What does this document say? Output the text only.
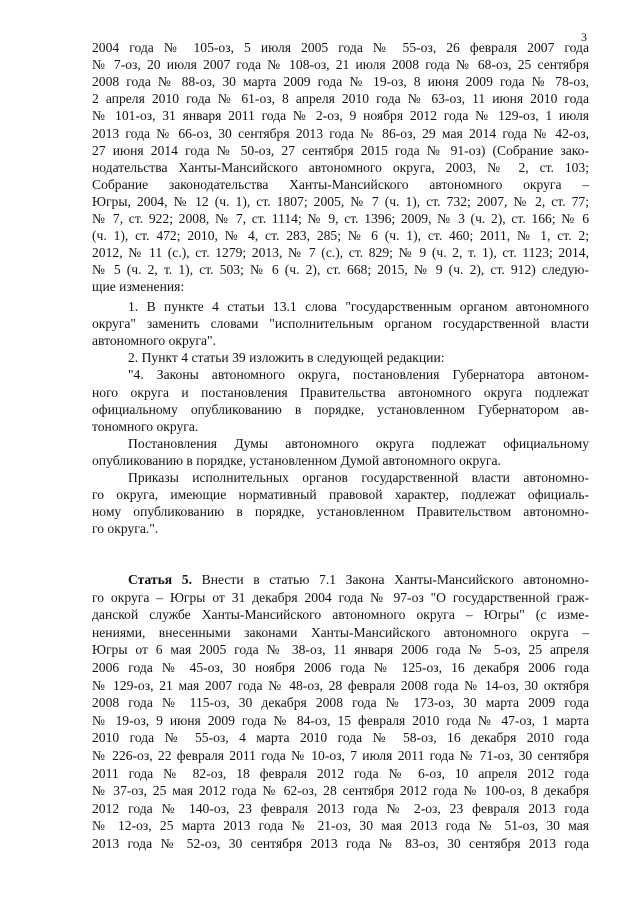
3
2004 года № 105-оз, 5 июля 2005 года № 55-оз, 26 февраля 2007 года
№ 7-оз, 20 июля 2007 года № 108-оз, 21 июля 2008 года № 68-оз, 25 сентября
2008 года № 88-оз, 30 марта 2009 года № 19-оз, 8 июня 2009 года № 78-оз,
2 апреля 2010 года № 61-оз, 8 апреля 2010 года № 63-оз, 11 июня 2010 года
№ 101-оз, 31 января 2011 года № 2-оз, 9 ноября 2012 года № 129-оз, 1 июля
2013 года № 66-оз, 30 сентября 2013 года № 86-оз, 29 мая 2014 года № 42-оз,
27 июня 2014 года № 50-оз, 27 сентября 2015 года № 91-оз) (Собрание зако-
нодательства Ханты-Мансийского автономного округа, 2003, № 2, ст. 103;
Собрание законодательства Ханты-Мансийского автономного округа –
Югры, 2004, № 12 (ч. 1), ст. 1807; 2005, № 7 (ч. 1), ст. 732; 2007, № 2, ст. 77;
№ 7, ст. 922; 2008, № 7, ст. 1114; № 9, ст. 1396; 2009, № 3 (ч. 2), ст. 166; № 6
(ч. 1), ст. 472; 2010, № 4, ст. 283, 285; № 6 (ч. 1), ст. 460; 2011, № 1, ст. 2;
2012, № 11 (с.), ст. 1279; 2013, № 7 (с.), ст. 829; № 9 (ч. 2, т. 1), ст. 1123; 2014,
№ 5 (ч. 2, т. 1), ст. 503; № 6 (ч. 2), ст. 668; 2015, № 9 (ч. 2), ст. 912) следую-
щие изменения:
1. В пункте 4 статьи 13.1 слова "государственным органом автономного
округа" заменить словами "исполнительным органом государственной власти
автономного округа".
2. Пункт 4 статьи 39 изложить в следующей редакции:
"4. Законы автономного округа, постановления Губернатора автоном-
ного округа и постановления Правительства автономного округа подлежат
официальному опубликованию в порядке, установленном Губернатором ав-
тономного округа.
Постановления Думы автономного округа подлежат официальному
опубликованию в порядке, установленном Думой автономного округа.
Приказы исполнительных органов государственной власти автономно-
го округа, имеющие нормативный правовой характер, подлежат официаль-
ному опубликованию в порядке, установленном Правительством автономно-
го округа.".
Статья 5. Внести в статью 7.1 Закона Ханты-Мансийского автономно-
го округа – Югры от 31 декабря 2004 года № 97-оз "О государственной граж-
данской службе Ханты-Мансийского автономного округа – Югры" (с изме-
нениями, внесенными законами Ханты-Мансийского автономного округа –
Югры от 6 мая 2005 года № 38-оз, 11 января 2006 года № 5-оз, 25 апреля
2006 года № 45-оз, 30 ноября 2006 года № 125-оз, 16 декабря 2006 года
№ 129-оз, 21 мая 2007 года № 48-оз, 28 февраля 2008 года № 14-оз, 30 октября
2008 года № 115-оз, 30 декабря 2008 года № 173-оз, 30 марта 2009 года
№ 19-оз, 9 июня 2009 года № 84-оз, 15 февраля 2010 года № 47-оз, 1 марта
2010 года № 55-оз, 4 марта 2010 года № 58-оз, 16 декабря 2010 года
№ 226-оз, 22 февраля 2011 года № 10-оз, 7 июля 2011 года № 71-оз, 30 сентября
2011 года № 82-оз, 18 февраля 2012 года № 6-оз, 10 апреля 2012 года
№ 37-оз, 25 мая 2012 года № 62-оз, 28 сентября 2012 года № 100-оз, 8 декабря
2012 года № 140-оз, 23 февраля 2013 года № 2-оз, 23 февраля 2013 года
№ 12-оз, 25 марта 2013 года № 21-оз, 30 мая 2013 года № 51-оз, 30 мая
2013 года № 52-оз, 30 сентября 2013 года № 83-оз, 30 сентября 2013 года
